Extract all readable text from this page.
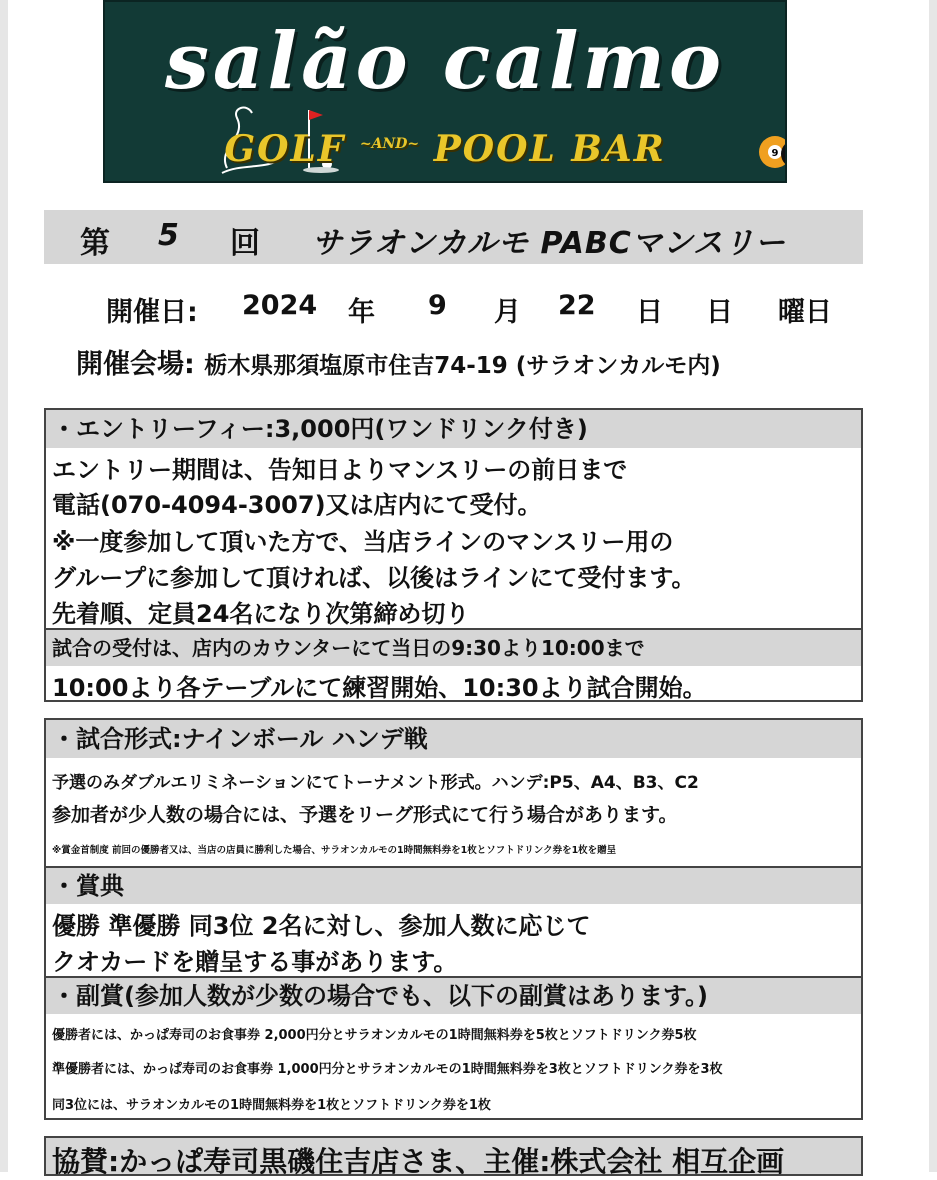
salão calmo
GOLF $^{\sim AND\sim}$ POOL BAR	9 8
第 5 回 サラオンカルモ PABCマンスリー
開催日: 2024 年 9 月 22 日 日 曜日
開催会場: 栃木県那須塩原市住吉74-19 (サラオンカルモ内)
・エントリーフィー:3,000円(ワンドリンク付き)
エントリー期間は、告知日よりマンスリーの前日まで
電話(070-4094-3007)又は店内にて受付。
※一度参加して頂いた方で、当店ラインのマンスリー用の
グループに参加して頂ければ、以後はラインにて受付ます。
先着順、定員24名になり次第締め切り
試合の受付は、店内のカウンターにて当日の9:30より10:00まで
10:00より各テーブルにて練習開始、10:30より試合開始。
・試合形式:ナインボール ハンデ戦
予選のみダブルエリミネーションにてトーナメント形式。ハンデ:P5、A4、B3、C2
参加者が少人数の場合には、予選をリーグ形式にて行う場合があります。
※賞金首制度 前回の優勝者又は、当店の店員に勝利した場合、サラオンカルモの1時間無料券を1枚とソフトドリンク券を1枚を贈呈
・賞典
優勝 準優勝 同3位 2名に対し、参加人数に応じて
クオカードを贈呈する事があります。
・副賞(参加人数が少数の場合でも、以下の副賞はあります。)
優勝者には、かっぱ寿司のお食事券 2,000円分とサラオンカルモの1時間無料券を5枚とソフトドリンク券5枚
準優勝者には、かっぱ寿司のお食事券 1,000円分とサラオンカルモの1時間無料券を3枚とソフトドリンク券を3枚
同3位には、サラオンカルモの1時間無料券を1枚とソフトドリンク券を1枚
協賛:かっぱ寿司黒磯住吉店さま、主催:株式会社 相互企画
